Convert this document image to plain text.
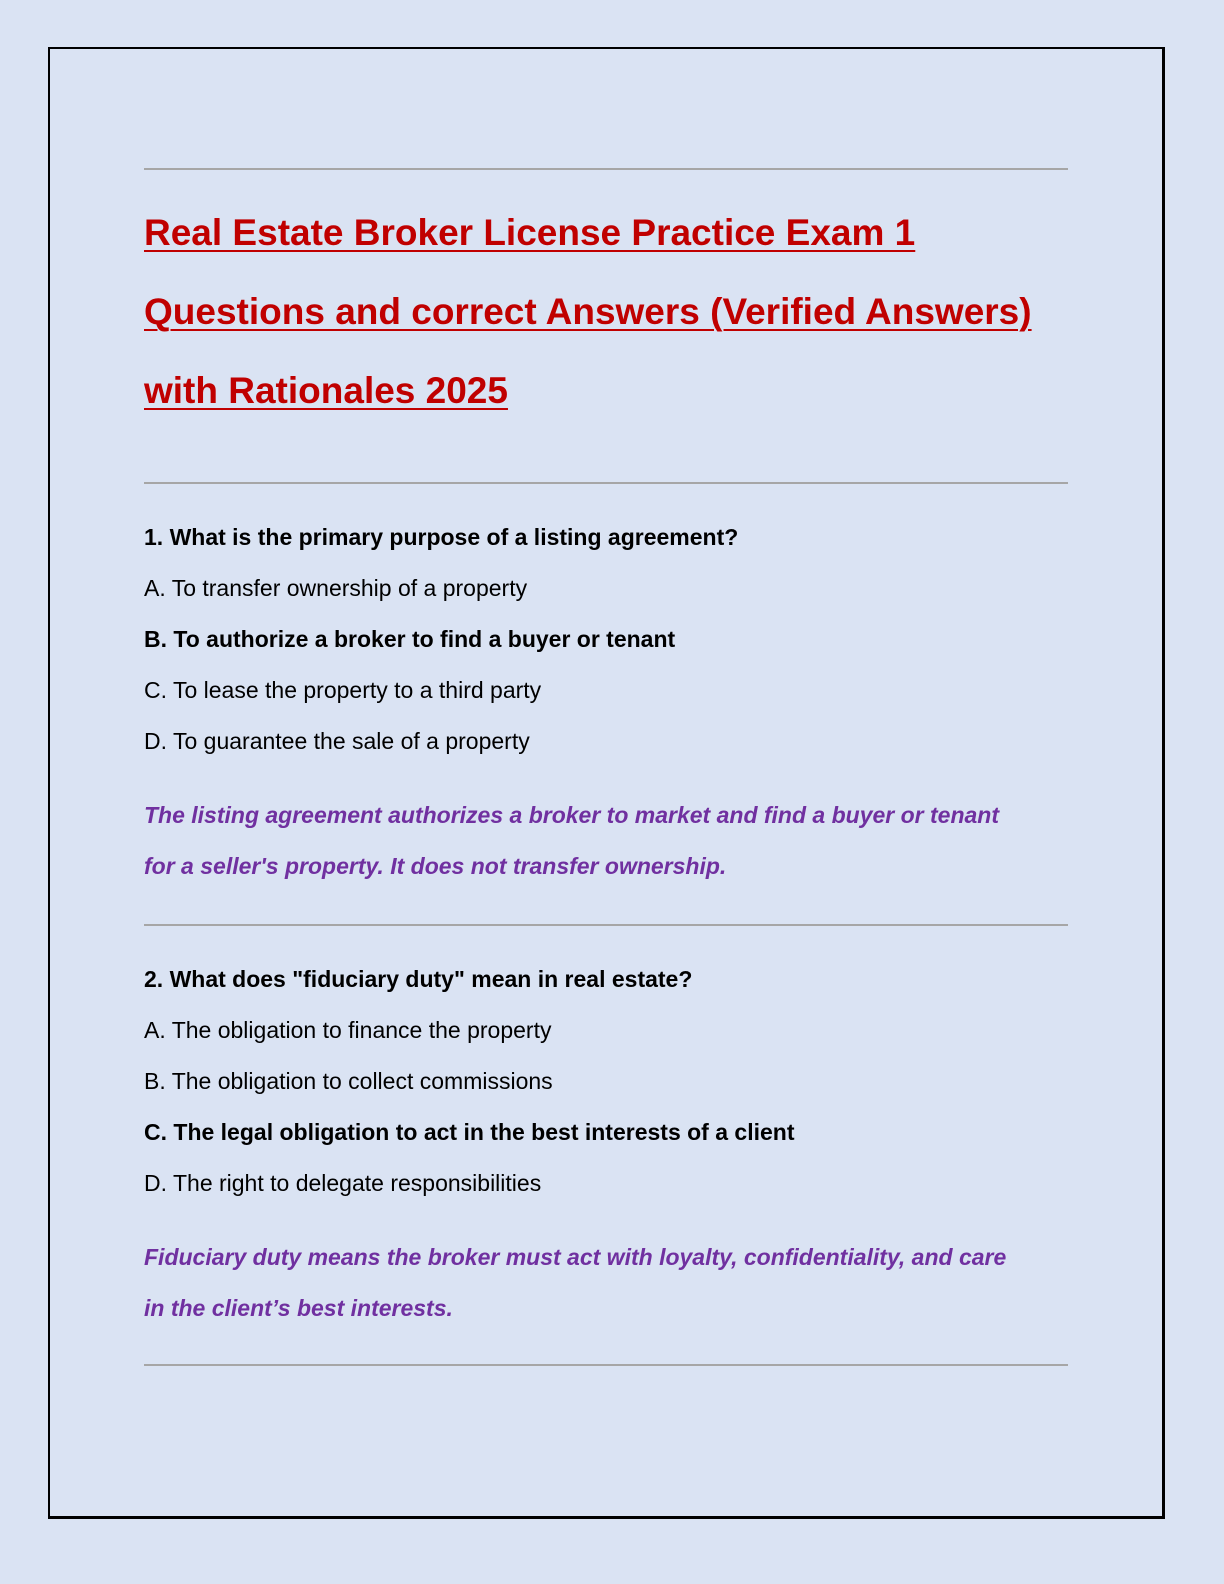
Real Estate Broker License Practice Exam 1
Questions and correct Answers (Verified Answers)
with Rationales 2025

1. What is the primary purpose of a listing agreement?

A. To transfer ownership of a property

B. To authorize a broker to find a buyer or tenant

C. To lease the property to a third party

D. To guarantee the sale of a property

The listing agreement authorizes a broker to market and find a buyer or tenant
for a seller's property. It does not transfer ownership.

2. What does "fiduciary duty" mean in real estate?

A. The obligation to finance the property

B. The obligation to collect commissions

C. The legal obligation to act in the best interests of a client

D. The right to delegate responsibilities

Fiduciary duty means the broker must act with loyalty, confidentiality, and care
in the client’s best interests.
